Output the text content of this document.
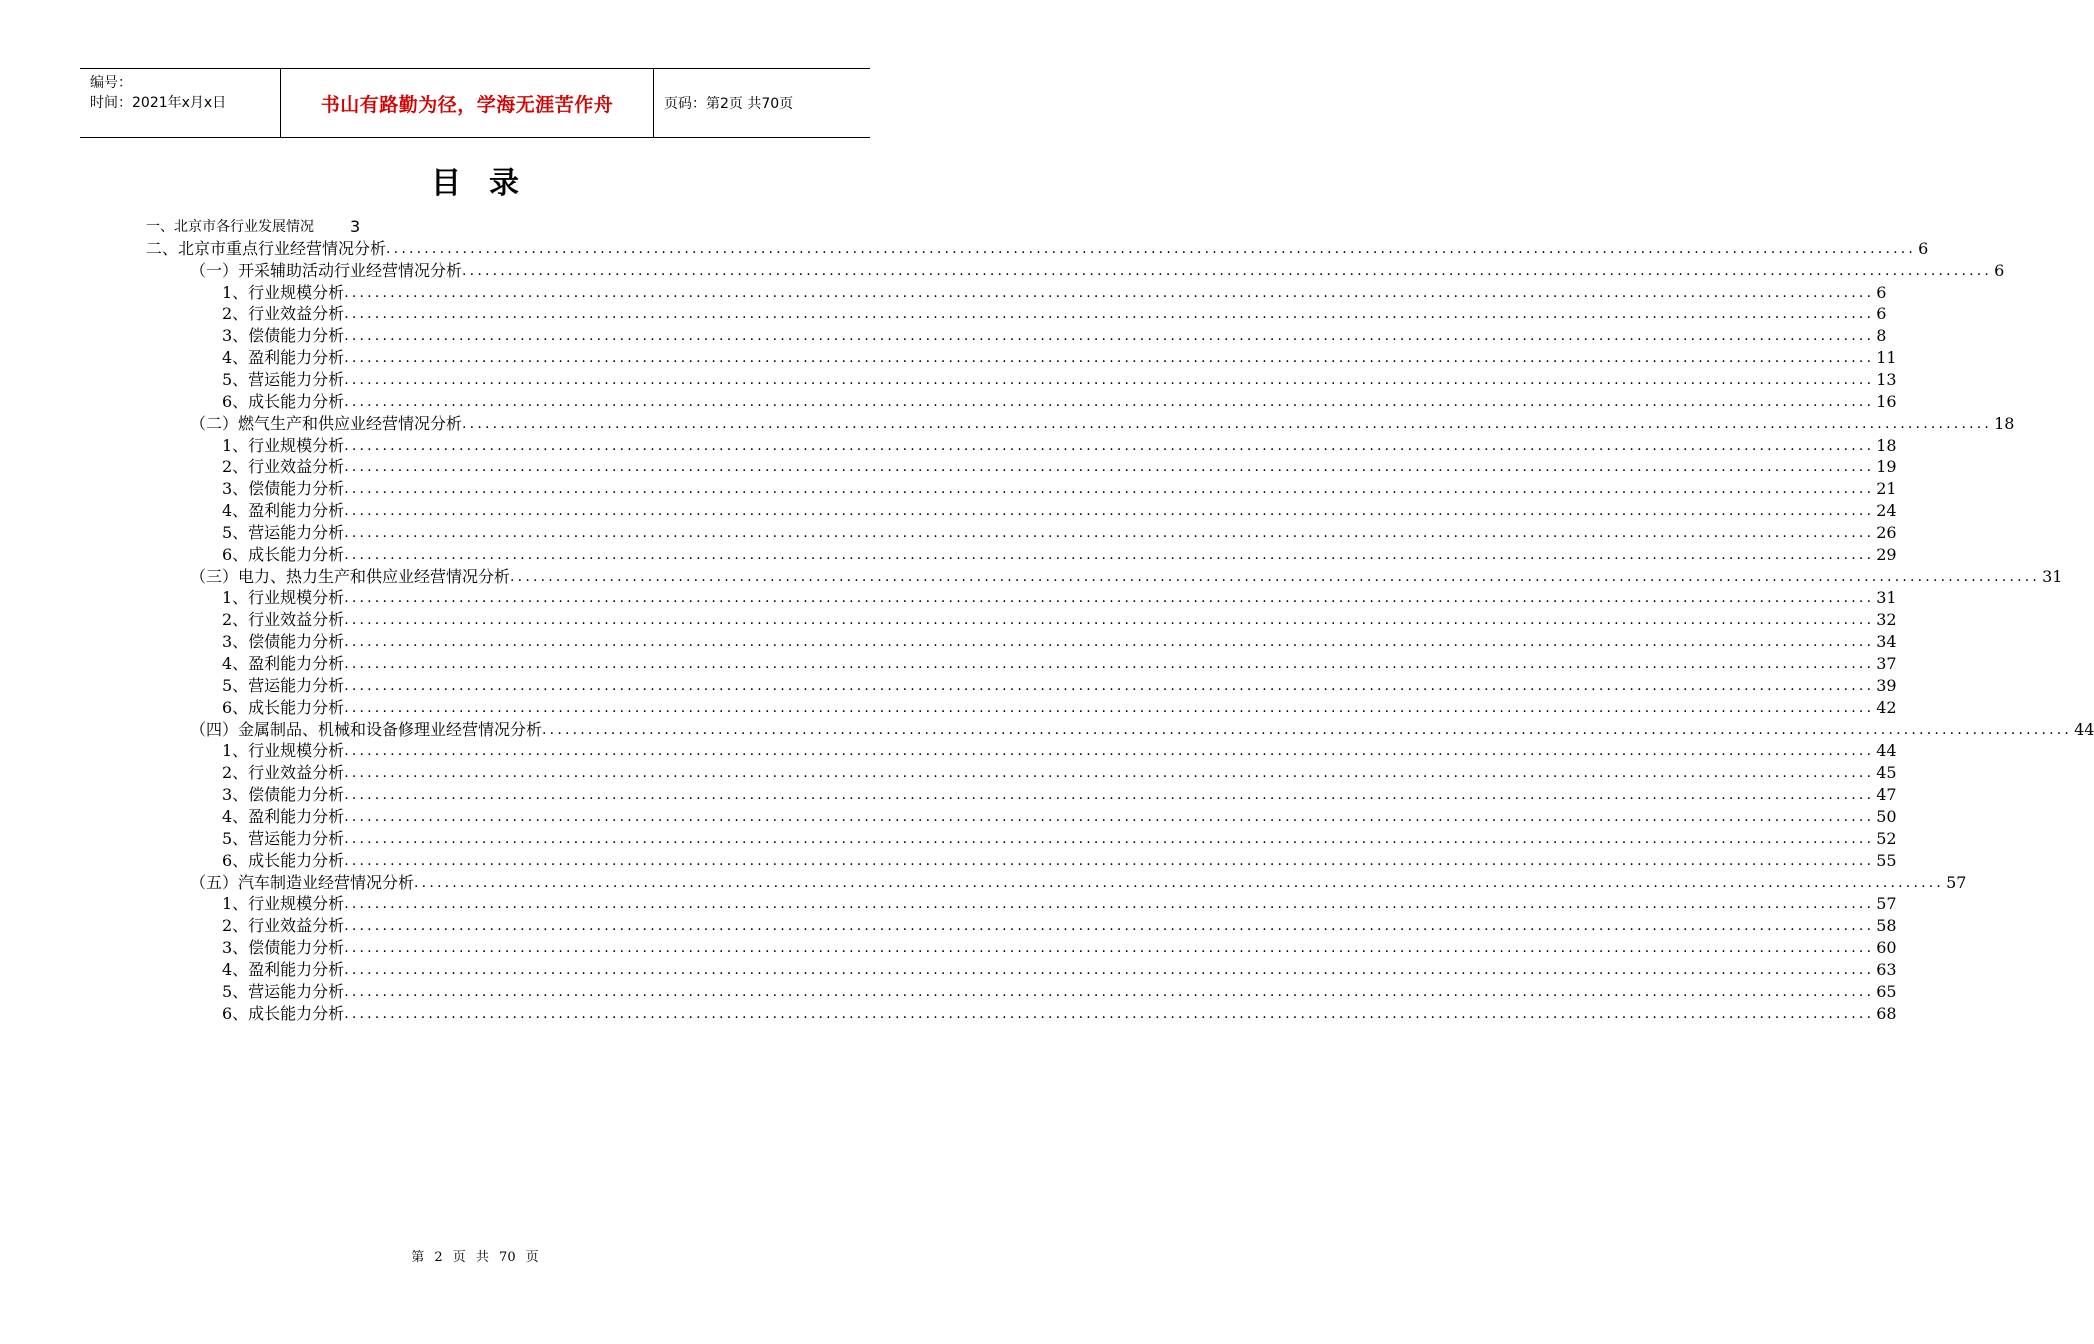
编号：
时间：2021年x月x日	书山有路勤为径，学海无涯苦作舟	页码：第2页 共70页
目录
一、北京市各行业发展情况	3
二、北京市重点行业经营情况分析 ........................................................................................................................................................................................................ 6
（一）开采辅助活动行业经营情况分析 ........................................................................................................................................................................................................ 6
1、行业规模分析 ........................................................................................................................................................................................................ 6
2、行业效益分析 ........................................................................................................................................................................................................ 6
3、偿债能力分析 ........................................................................................................................................................................................................ 8
4、盈利能力分析 ........................................................................................................................................................................................................ 11
5、营运能力分析 ........................................................................................................................................................................................................ 13
6、成长能力分析 ........................................................................................................................................................................................................ 16
（二）燃气生产和供应业经营情况分析 ........................................................................................................................................................................................................ 18
1、行业规模分析 ........................................................................................................................................................................................................ 18
2、行业效益分析 ........................................................................................................................................................................................................ 19
3、偿债能力分析 ........................................................................................................................................................................................................ 21
4、盈利能力分析 ........................................................................................................................................................................................................ 24
5、营运能力分析 ........................................................................................................................................................................................................ 26
6、成长能力分析 ........................................................................................................................................................................................................ 29
（三）电力、热力生产和供应业经营情况分析 ........................................................................................................................................................................................................ 31
1、行业规模分析 ........................................................................................................................................................................................................ 31
2、行业效益分析 ........................................................................................................................................................................................................ 32
3、偿债能力分析 ........................................................................................................................................................................................................ 34
4、盈利能力分析 ........................................................................................................................................................................................................ 37
5、营运能力分析 ........................................................................................................................................................................................................ 39
6、成长能力分析 ........................................................................................................................................................................................................ 42
（四）金属制品、机械和设备修理业经营情况分析 ........................................................................................................................................................................................................ 44
1、行业规模分析 ........................................................................................................................................................................................................ 44
2、行业效益分析 ........................................................................................................................................................................................................ 45
3、偿债能力分析 ........................................................................................................................................................................................................ 47
4、盈利能力分析 ........................................................................................................................................................................................................ 50
5、营运能力分析 ........................................................................................................................................................................................................ 52
6、成长能力分析 ........................................................................................................................................................................................................ 55
（五）汽车制造业经营情况分析 ........................................................................................................................................................................................................ 57
1、行业规模分析 ........................................................................................................................................................................................................ 57
2、行业效益分析 ........................................................................................................................................................................................................ 58
3、偿债能力分析 ........................................................................................................................................................................................................ 60
4、盈利能力分析 ........................................................................................................................................................................................................ 63
5、营运能力分析 ........................................................................................................................................................................................................ 65
6、成长能力分析 ........................................................................................................................................................................................................ 68
第 2 页 共 70 页
